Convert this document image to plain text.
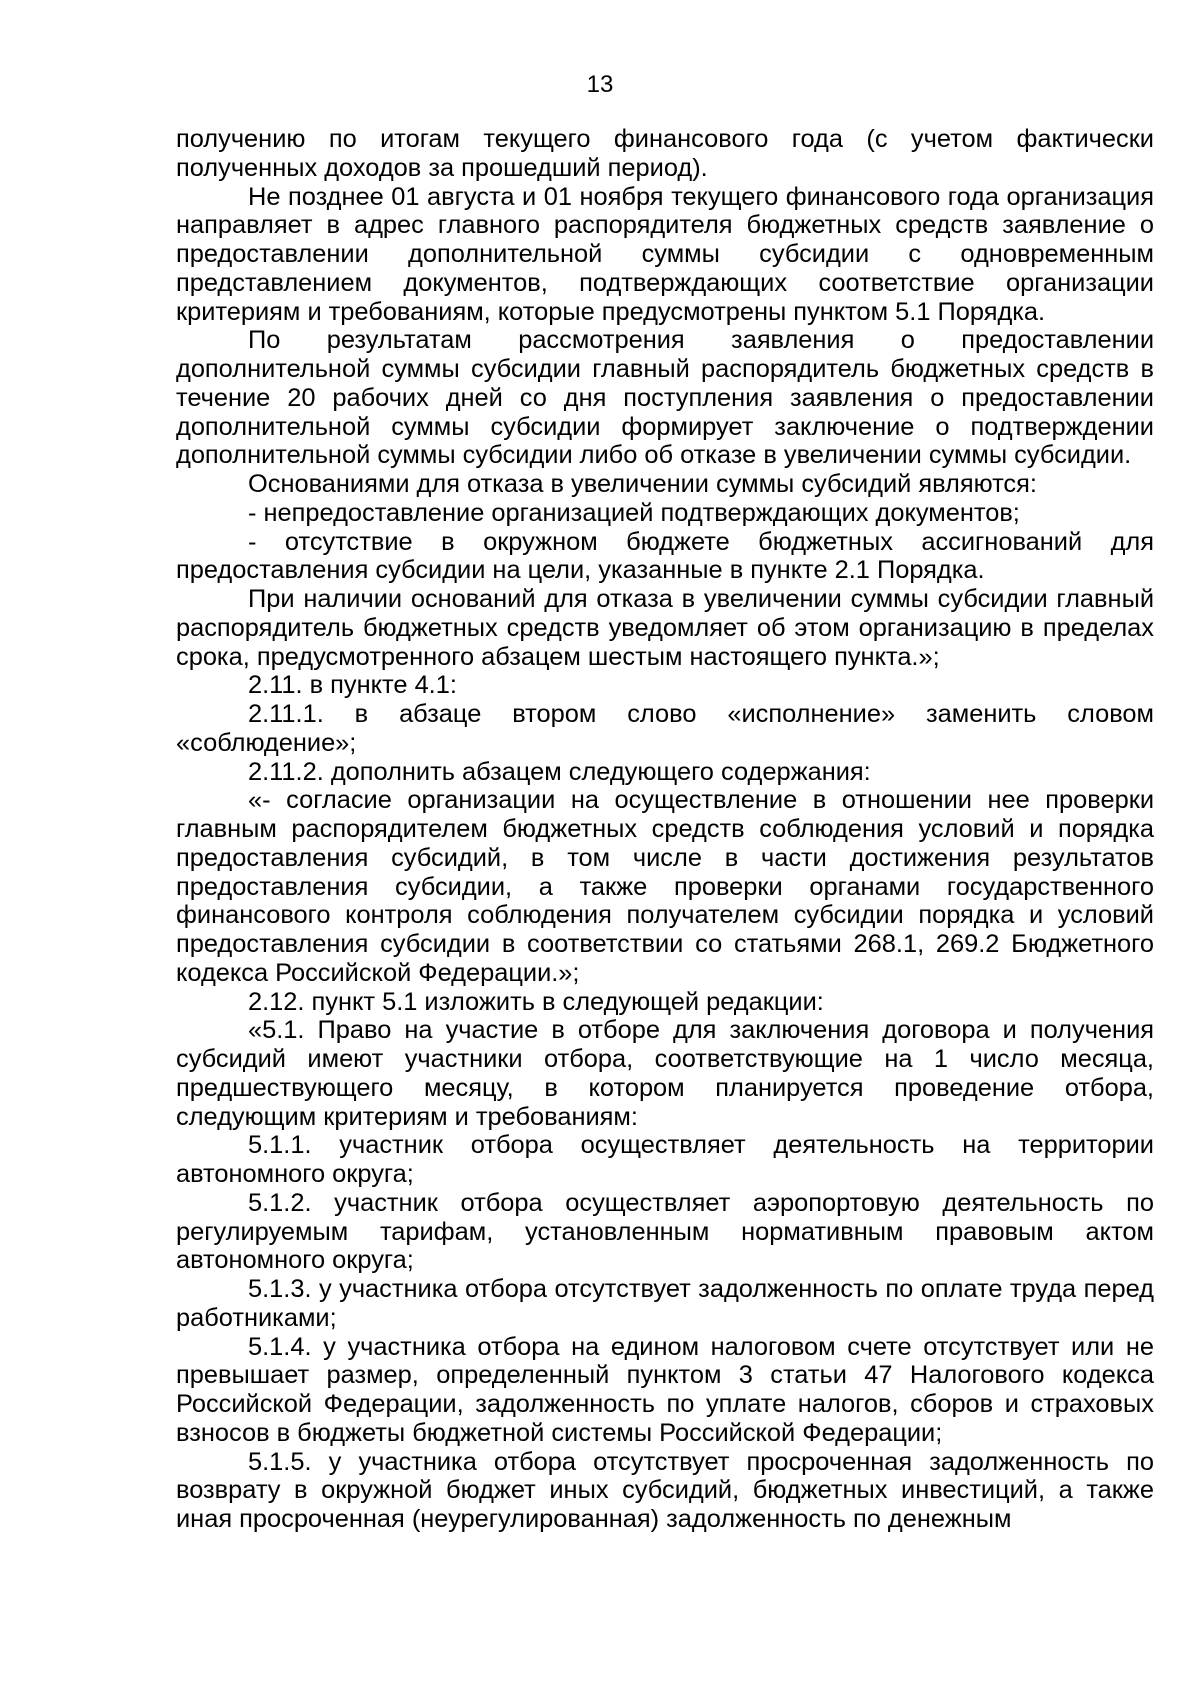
13

получению по итогам текущего финансового года (с учетом фактически полученных доходов за прошедший период).

Не позднее 01 августа и 01 ноября текущего финансового года организация направляет в адрес главного распорядителя бюджетных средств заявление о предоставлении дополнительной суммы субсидии с одновременным представлением документов, подтверждающих соответствие организации критериям и требованиям, которые предусмотрены пунктом 5.1 Порядка.

По результатам рассмотрения заявления о предоставлении дополнительной суммы субсидии главный распорядитель бюджетных средств в течение 20 рабочих дней со дня поступления заявления о предоставлении дополнительной суммы субсидии формирует заключение о подтверждении дополнительной суммы субсидии либо об отказе в увеличении суммы субсидии.

Основаниями для отказа в увеличении суммы субсидий являются:

- непредоставление организацией подтверждающих документов;

- отсутствие в окружном бюджете бюджетных ассигнований для предоставления субсидии на цели, указанные в пункте 2.1 Порядка.

При наличии оснований для отказа в увеличении суммы субсидии главный распорядитель бюджетных средств уведомляет об этом организацию в пределах срока, предусмотренного абзацем шестым настоящего пункта.»;

2.11. в пункте 4.1:

2.11.1. в абзаце втором слово «исполнение» заменить словом «соблюдение»;

2.11.2. дополнить абзацем следующего содержания:

«- согласие организации на осуществление в отношении нее проверки главным распорядителем бюджетных средств соблюдения условий и порядка предоставления субсидий, в том числе в части достижения результатов предоставления субсидии, а также проверки органами государственного финансового контроля соблюдения получателем субсидии порядка и условий предоставления субсидии в соответствии со статьями 268.1, 269.2 Бюджетного кодекса Российской Федерации.»;

2.12. пункт 5.1 изложить в следующей редакции:

«5.1. Право на участие в отборе для заключения договора и получения субсидий имеют участники отбора, соответствующие на 1 число месяца, предшествующего месяцу, в котором планируется проведение отбора, следующим критериям и требованиям:

5.1.1. участник отбора осуществляет деятельность на территории автономного округа;

5.1.2. участник отбора осуществляет аэропортовую деятельность по регулируемым тарифам, установленным нормативным правовым актом автономного округа;

5.1.3. у участника отбора отсутствует задолженность по оплате труда перед работниками;

5.1.4. у участника отбора на едином налоговом счете отсутствует или не превышает размер, определенный пунктом 3 статьи 47 Налогового кодекса Российской Федерации, задолженность по уплате налогов, сборов и страховых взносов в бюджеты бюджетной системы Российской Федерации;

5.1.5. у участника отбора отсутствует просроченная задолженность по возврату в окружной бюджет иных субсидий, бюджетных инвестиций, а также иная просроченная (неурегулированная) задолженность по денежным
